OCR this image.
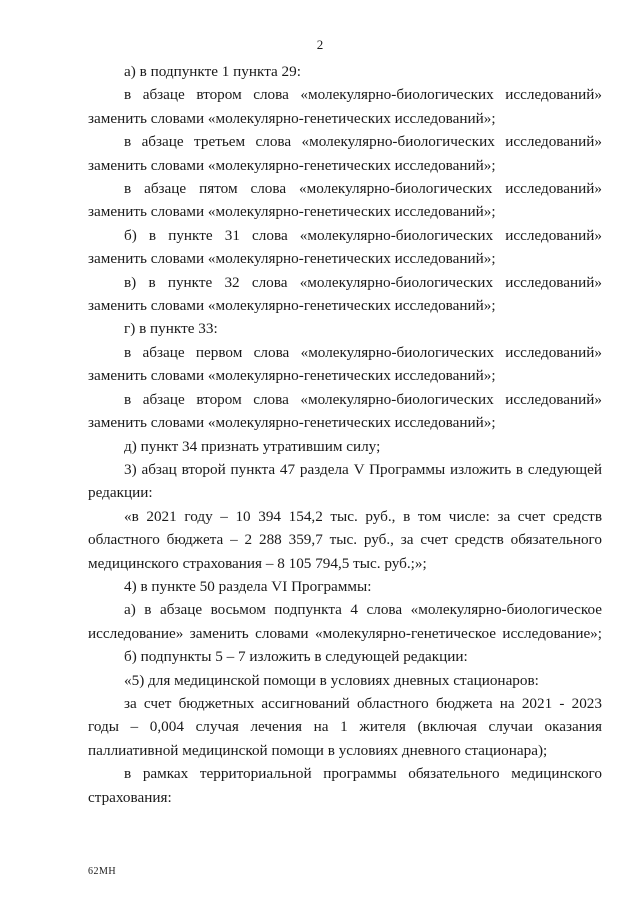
2

а) в подпункте 1 пункта 29:

в абзаце втором слова «молекулярно-биологических исследований» заменить словами «молекулярно-генетических исследований»;

в абзаце третьем слова «молекулярно-биологических исследований» заменить словами «молекулярно-генетических исследований»;

в абзаце пятом слова «молекулярно-биологических исследований» заменить словами «молекулярно-генетических исследований»;

б) в пункте 31 слова «молекулярно-биологических исследований» заменить словами «молекулярно-генетических исследований»;

в) в пункте 32 слова «молекулярно-биологических исследований» заменить словами «молекулярно-генетических исследований»;

г) в пункте 33:

в абзаце первом слова «молекулярно-биологических исследований» заменить словами «молекулярно-генетических исследований»;

в абзаце втором слова «молекулярно-биологических исследований» заменить словами «молекулярно-генетических исследований»;

д) пункт 34 признать утратившим силу;

3) абзац второй пункта 47 раздела V Программы изложить в следующей редакции:

«в 2021 году – 10 394 154,2 тыс. руб., в том числе: за счет средств областного бюджета – 2 288 359,7 тыс. руб., за счет средств обязательного медицинского страхования – 8 105 794,5 тыс. руб.;»;

4) в пункте 50 раздела VI Программы:

а) в абзаце восьмом подпункта 4 слова «молекулярно-биологическое исследование» заменить словами «молекулярно-генетическое исследование»;

б) подпункты 5 – 7 изложить в следующей редакции:

«5) для медицинской помощи в условиях дневных стационаров:

за счет бюджетных ассигнований областного бюджета на 2021 - 2023 годы – 0,004 случая лечения на 1 жителя (включая случаи оказания паллиативной медицинской помощи в условиях дневного стационара);

в рамках территориальной программы обязательного медицинского страхования:

62МН
